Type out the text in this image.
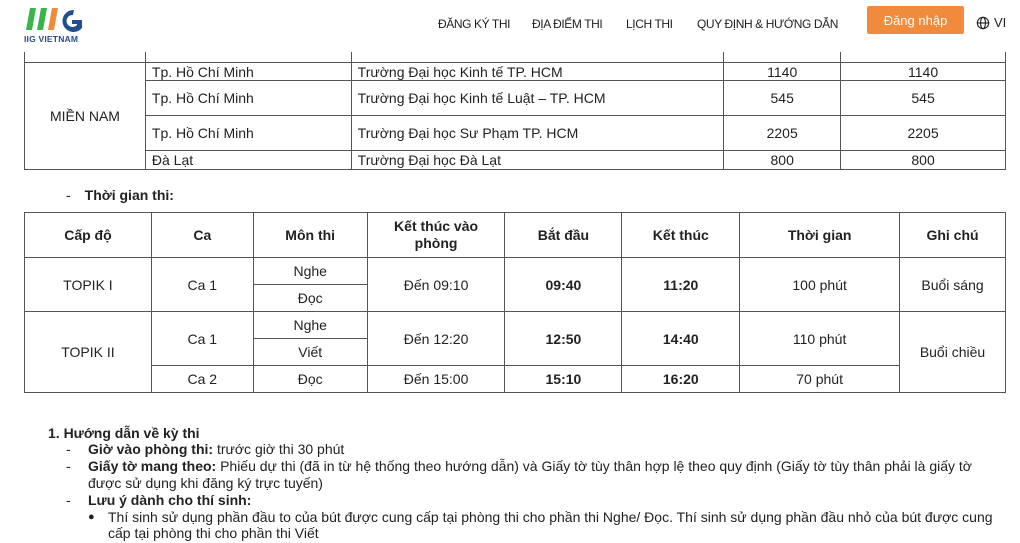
MIỀN NAM	Tp. Hồ Chí Minh	Trường Đại học Kinh tế TP. HCM	1140	1140
	Tp. Hồ Chí Minh	Trường Đại học Kinh tế Luật – TP. HCM	545	545
	Tp. Hồ Chí Minh	Trường Đại học Sư Phạm TP. HCM	2205	2205
	Đà Lạt	Trường Đại học Đà Lạt	800	800
- Thời gian thi:
Cấp độ	Ca	Môn thi	Kết thúc vào phòng	Bắt đầu	Kết thúc	Thời gian	Ghi chú
TOPIK I	Ca 1	Nghe	Đến 09:10	09:40	11:20	100 phút	Buổi sáng
		Đọc					
TOPIK II	Ca 1	Nghe	Đến 12:20	12:50	14:40	110 phút	Buổi chiều
		Viết					
	Ca 2	Đọc	Đến 15:00	15:10	16:20	70 phút	
1. Hướng dẫn về kỳ thi
- Giờ vào phòng thi: trước giờ thi 30 phút
- Giấy tờ mang theo: Phiếu dự thi (đã in từ hệ thống theo hướng dẫn) và Giấy tờ tùy thân hợp lệ theo quy định (Giấy tờ tùy thân phải là giấy tờ
được sử dụng khi đăng ký trực tuyến)
- Lưu ý dành cho thí sinh:
● Thí sinh sử dụng phần đầu to của bút được cung cấp tại phòng thi cho phần thi Nghe/ Đọc. Thí sinh sử dụng phần đầu nhỏ của bút được cung
cấp tại phòng thi cho phần thi Viết
IIG VIETNAM
ĐĂNG KÝ THI ĐỊA ĐIỂM THI LỊCH THI QUY ĐỊNH & HƯỚNG DẪN	Đăng nhập	VI
